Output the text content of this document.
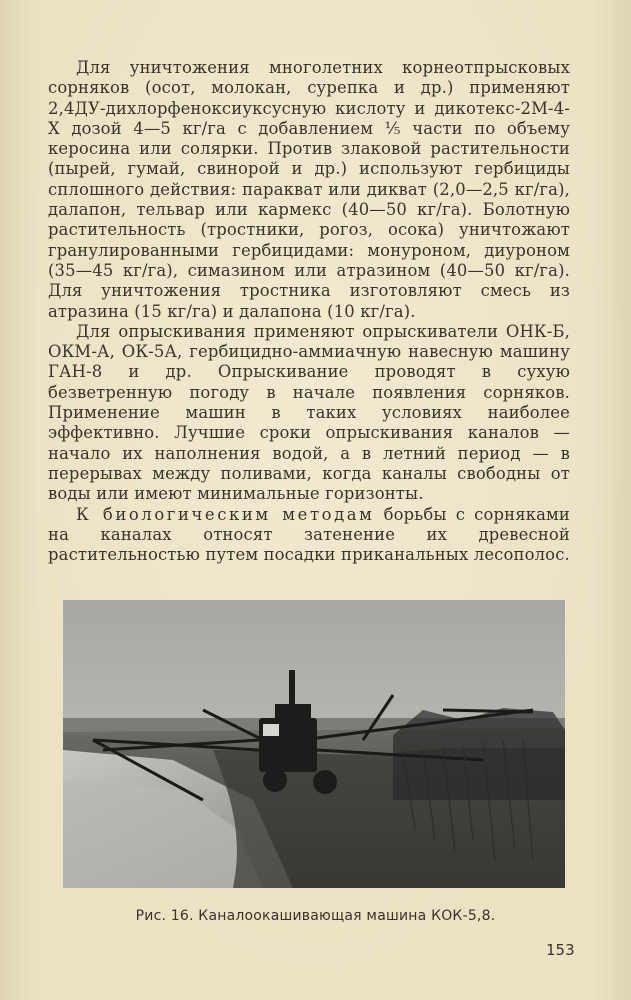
Для уничтожения многолетних корнеотпрысковых сорняков (осот, молокан, сурепка и др.) применяют 2,4ДУ-дихлорфеноксиуксусную кислоту и дикотекс-2М-4-Х дозой 4—5 кг/га с добавлением ⅕ части по объему керосина или солярки. Против злаковой растительности (пырей, гумай, свинорой и др.) используют гербициды сплошного действия: параквaт или дикват (2,0—2,5 кг/га), далапон, тельвар или кармекс (40—50 кг/га). Болотную растительность (тростники, рогоз, осока) уничтожают гранулированными гербицидами: монуроном, диуроном (35—45 кг/га), симазином или атразином (40—50 кг/га). Для уничтожения тростника изготовляют смесь из атразина (15 кг/га) и далапона (10 кг/га).

Для опрыскивания применяют опрыскиватели ОНК-Б, ОКМ-А, ОК-5А, гербицидно-аммиачную навесную машину ГАН-8 и др. Опрыскивание проводят в сухую безветренную погоду в начале появления сорняков. Применение машин в таких условиях наиболее эффективно. Лучшие сроки опрыскивания каналов — начало их наполнения водой, а в летний период — в перерывах между поливами, когда каналы свободны от воды или имеют минимальные горизонты.

К биологическим методам борьбы с сорняками на каналах относят затенение их древесной растительностью путем посадки приканальных лесополос.

Рис. 16. Каналоокашивающая машина КОК-5,8.
153
